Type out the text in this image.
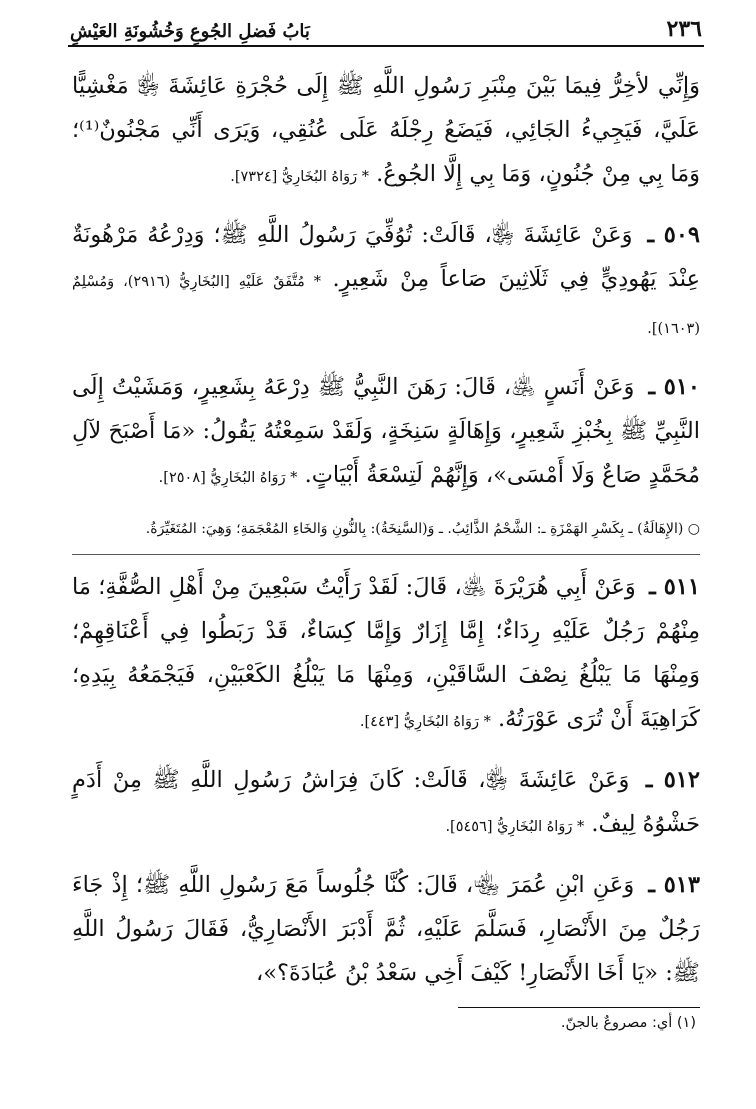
٢٣٦
بَابُ فَضلِ الجُوعِ وَخُشُونَةِ العَيْشِ

وَإِنِّي لأخِرُّ فِيمَا بَيْنَ مِنْبَرِ رَسُولِ اللَّهِ ﷺ إِلَى حُجْرَةِ عَائِشَةَ ﵂ مَغْشِيًّا عَلَيَّ، فَيَجِيءُ الجَائِي، فَيَضَعُ رِجْلَهُ عَلَى عُنُقِي، وَيَرَى أَنِّي مَجْنُونٌ⁽¹⁾؛ وَمَا بِي مِنْ جُنُونٍ، وَمَا بِي إِلَّا الجُوعُ. * رَوَاهُ البُخَارِيُّ [٧٣٢٤].

٥٠٩ ـ وَعَنْ عَائِشَةَ ﵂، قَالَتْ: تُوُفِّيَ رَسُولُ اللَّهِ ﷺ؛ وَدِرْعُهُ مَرْهُونَةٌ عِنْدَ يَهُودِيٍّ فِي ثَلَاثِينَ صَاعاً مِنْ شَعِيرٍ. * مُتَّفَقٌ عَلَيْهِ [البُخَارِيُّ (٢٩١٦)، وَمُسْلِمٌ (١٦٠٣)].

٥١٠ ـ وَعَنْ أَنَسٍ ﵁، قَالَ: رَهَنَ النَّبِيُّ ﷺ دِرْعَهُ بِشَعِيرٍ، وَمَشَيْتُ إِلَى النَّبِيِّ ﷺ بِخُبْزِ شَعِيرٍ، وَإِهَالَةٍ سَنِخَةٍ، وَلَقَدْ سَمِعْتُهُ يَقُولُ: «مَا أَصْبَحَ لآلِ مُحَمَّدٍ صَاعٌ وَلَا أَمْسَى»، وَإِنَّهُمْ لَتِسْعَةُ أَبْيَاتٍ. * رَوَاهُ البُخَارِيُّ [٢٥٠٨].

○ (الإِهَالَةُ) ـ بِكَسْرِ الهَمْزَةِ ـ: الشَّحْمُ الذَّائِبُ. ـ وَ(السَّنِخَةُ): بِالنُّونِ وَالخَاءِ المُعْجَمَةِ؛ وَهِيَ: المُتَغَيِّرَةُ.

٥١١ ـ وَعَنْ أَبِي هُرَيْرَةَ ﵁، قَالَ: لَقَدْ رَأَيْتُ سَبْعِينَ مِنْ أَهْلِ الصُّفَّةِ؛ مَا مِنْهُمْ رَجُلٌ عَلَيْهِ رِدَاءٌ؛ إِمَّا إِزَارٌ وَإِمَّا كِسَاءٌ، قَدْ رَبَطُوا فِي أَعْنَاقِهِمْ؛ وَمِنْهَا مَا يَبْلُغُ نِصْفَ السَّاقَيْنِ، وَمِنْهَا مَا يَبْلُغُ الكَعْبَيْنِ، فَيَجْمَعُهُ بِيَدِهِ؛ كَرَاهِيَةَ أَنْ تُرَى عَوْرَتُهُ. * رَوَاهُ البُخَارِيُّ [٤٤٣].

٥١٢ ـ وَعَنْ عَائِشَةَ ﵂، قَالَتْ: كَانَ فِرَاشُ رَسُولِ اللَّهِ ﷺ مِنْ أَدَمٍ حَشْوُهُ لِيفٌ. * رَوَاهُ البُخَارِيُّ [٥٤٥٦].

٥١٣ ـ وَعَنِ ابْنِ عُمَرَ ﵄، قَالَ: كُنَّا جُلُوساً مَعَ رَسُولِ اللَّهِ ﷺ؛ إِذْ جَاءَ رَجُلٌ مِنَ الأَنْصَارِ، فَسَلَّمَ عَلَيْهِ، ثُمَّ أَدْبَرَ الأَنْصَارِيُّ، فَقَالَ رَسُولُ اللَّهِ ﷺ: «يَا أَخَا الأَنْصَارِ! كَيْفَ أَخِي سَعْدُ بْنُ عُبَادَةَ؟»،

(١) أي: مصروعٌ بالجنّ.
